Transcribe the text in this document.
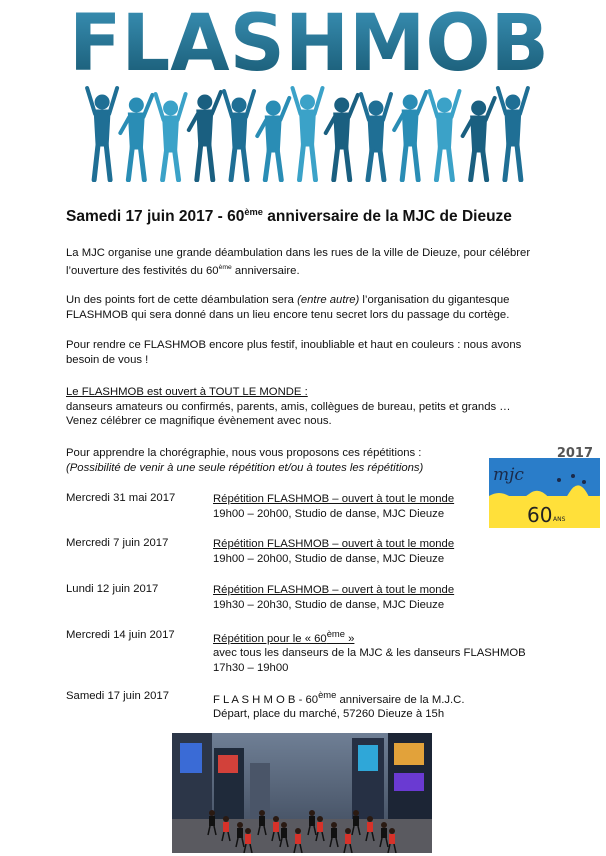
FLASHMOB
Samedi 17 juin 2017 - 60ème anniversaire de la MJC de Dieuze
La MJC organise une grande déambulation dans les rues de la ville de Dieuze, pour célébrer
l’ouverture des festivités du 60ème anniversaire.
Un des points fort de cette déambulation sera (entre autre) l’organisation du gigantesque
FLASHMOB qui sera donné dans un lieu encore tenu secret lors du passage du cortège.
Pour rendre ce FLASHMOB encore plus festif, inoubliable et haut en couleurs : nous avons
besoin de vous !
Le FLASHMOB est ouvert à TOUT LE MONDE :
danseurs amateurs ou confirmés, parents, amis, collègues de bureau, petits et grands …
Venez célébrer ce magnifique évènement avec nous.
Pour apprendre la chorégraphie, nous vous proposons ces répétitions :
(Possibilité de venir à une seule répétition et/ou à toutes les répétitions)
Mercredi 31 mai 2017	Répétition FLASHMOB – ouvert à tout le monde
19h00 – 20h00, Studio de danse, MJC Dieuze
Mercredi 7 juin 2017	Répétition FLASHMOB – ouvert à tout le monde
19h00 – 20h00, Studio de danse, MJC Dieuze
Lundi 12 juin 2017	Répétition FLASHMOB – ouvert à tout le monde
19h30 – 20h30, Studio de danse, MJC Dieuze
Mercredi 14 juin 2017	Répétition pour le « 60ème »
avec tous les danseurs de la MJC & les danseurs FLASHMOB
17h30 – 19h00
Samedi 17 juin 2017	F L A S H M O B - 60ème anniversaire de la M.J.C.
Départ, place du marché, 57260 Dieuze à 15h
2017
mjc
60 ANS
